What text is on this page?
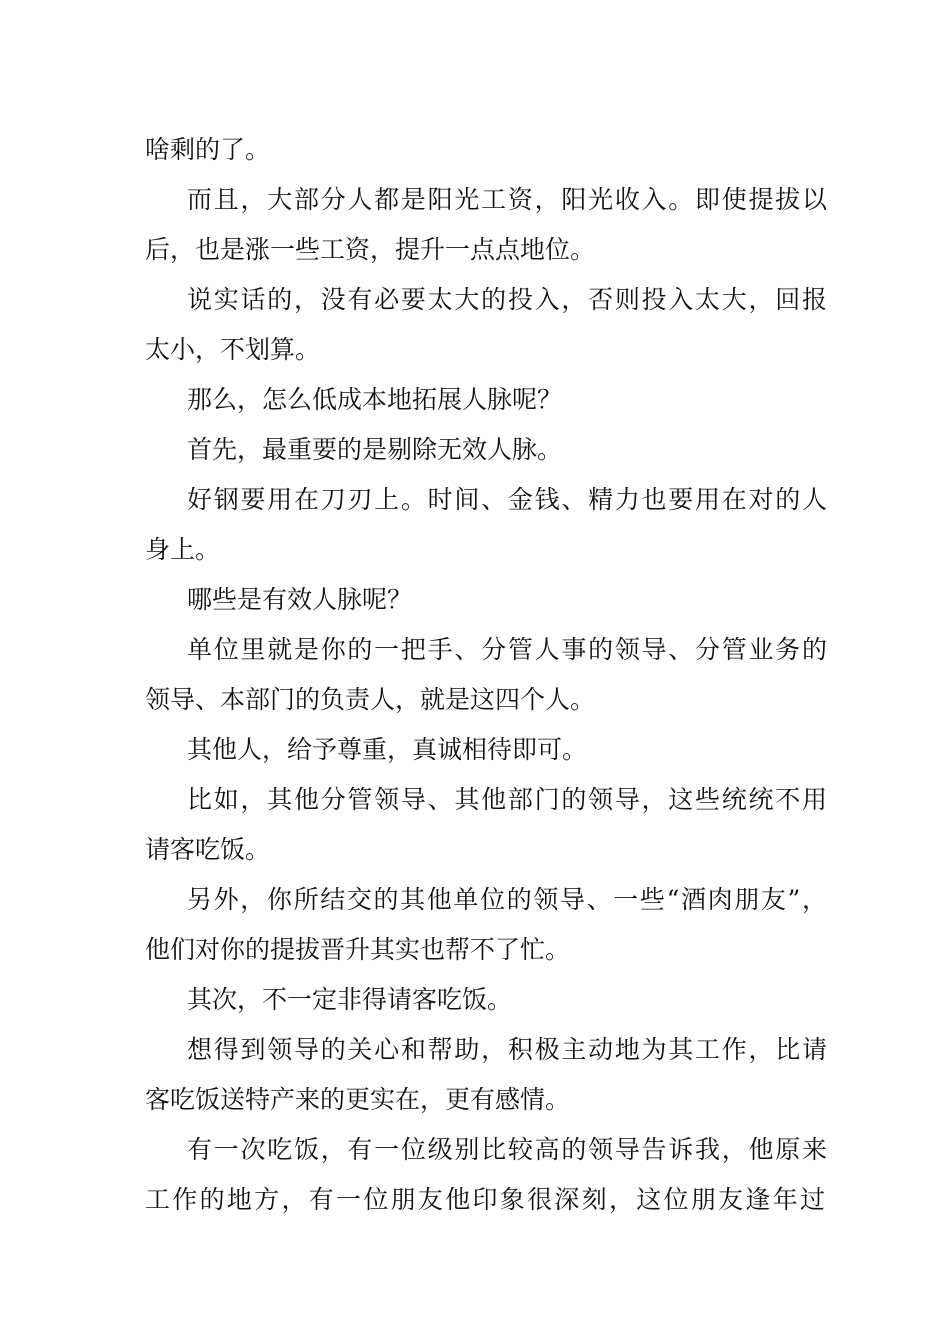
啥剩的了。
而且，大部分人都是阳光工资，阳光收入。即使提拔以
后，也是涨一些工资，提升一点点地位。
说实话的，没有必要太大的投入，否则投入太大，回报
太小，不划算。
那么，怎么低成本地拓展人脉呢？
首先，最重要的是剔除无效人脉。
好钢要用在刀刃上。时间、金钱、精力也要用在对的人
身上。
哪些是有效人脉呢？
单位里就是你的一把手、分管人事的领导、分管业务的
领导、本部门的负责人，就是这四个人。
其他人，给予尊重，真诚相待即可。
比如，其他分管领导、其他部门的领导，这些统统不用
请客吃饭。
另外，你所结交的其他单位的领导、一些“酒肉朋友”，
他们对你的提拔晋升其实也帮不了忙。
其次，不一定非得请客吃饭。
想得到领导的关心和帮助，积极主动地为其工作，比请
客吃饭送特产来的更实在，更有感情。
有一次吃饭，有一位级别比较高的领导告诉我，他原来
工作的地方，有一位朋友他印象很深刻，这位朋友逢年过
